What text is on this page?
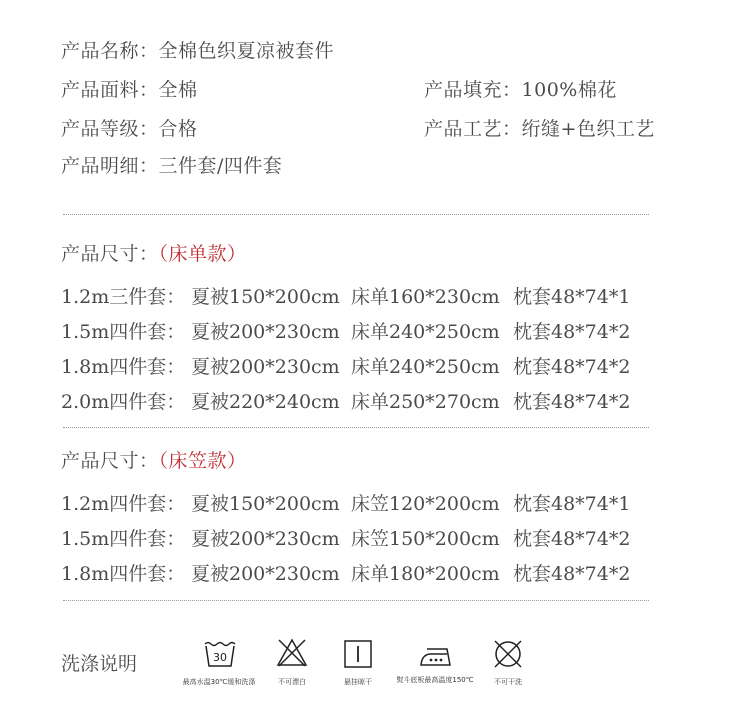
产品名称：全棉色织夏凉被套件
产品面料：全棉	产品填充：100%棉花
产品等级：合格	产品工艺：绗缝+色织工艺
产品明细：三件套/四件套
产品尺寸：（床单款）
1.2m三件套： 夏被150*200cm 床单160*230cm 枕套48*74*1
1.5m四件套： 夏被200*230cm 床单240*250cm 枕套48*74*2
1.8m四件套： 夏被200*230cm 床单240*250cm 枕套48*74*2
2.0m四件套： 夏被220*240cm 床单250*270cm 枕套48*74*2
产品尺寸：（床笠款）
1.2m四件套： 夏被150*200cm 床笠120*200cm 枕套48*74*1
1.5m四件套： 夏被200*230cm 床笠150*200cm 枕套48*74*2
1.8m四件套： 夏被200*230cm 床单180*200cm 枕套48*74*2
洗涤说明	30
最高水温30℃缓和洗涤	不可漂白	悬挂晾干	熨斗底板最高温度150℃	不可干洗
